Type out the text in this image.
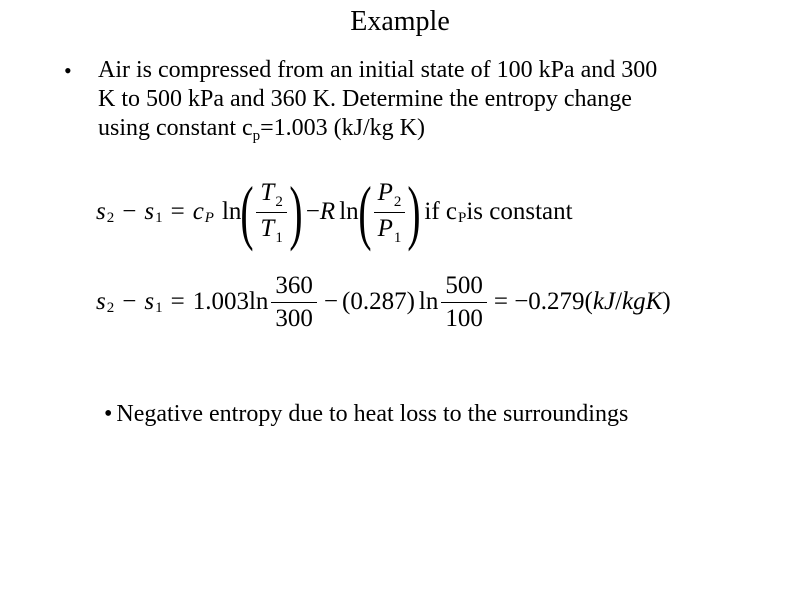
Example
• Air is compressed from an initial state of 100 kPa and 300
K to 500 kPa and 360 K. Determine the entropy change
using constant $c_p=1.003$ (kJ/kg K)
s 2 − s 1 = c P ln ( $\frac{T_2}{T_1}$ ) − R ln ( $\frac{P_2}{P_1}$ ) if c P is constant
s 2 − s $1 = 1.003\ln \frac{360}{300} - (0.287)$ $\ln \frac{500}{100} = -0.279$( kJ / kg K )
• Negative entropy due to heat loss to the surroundings
